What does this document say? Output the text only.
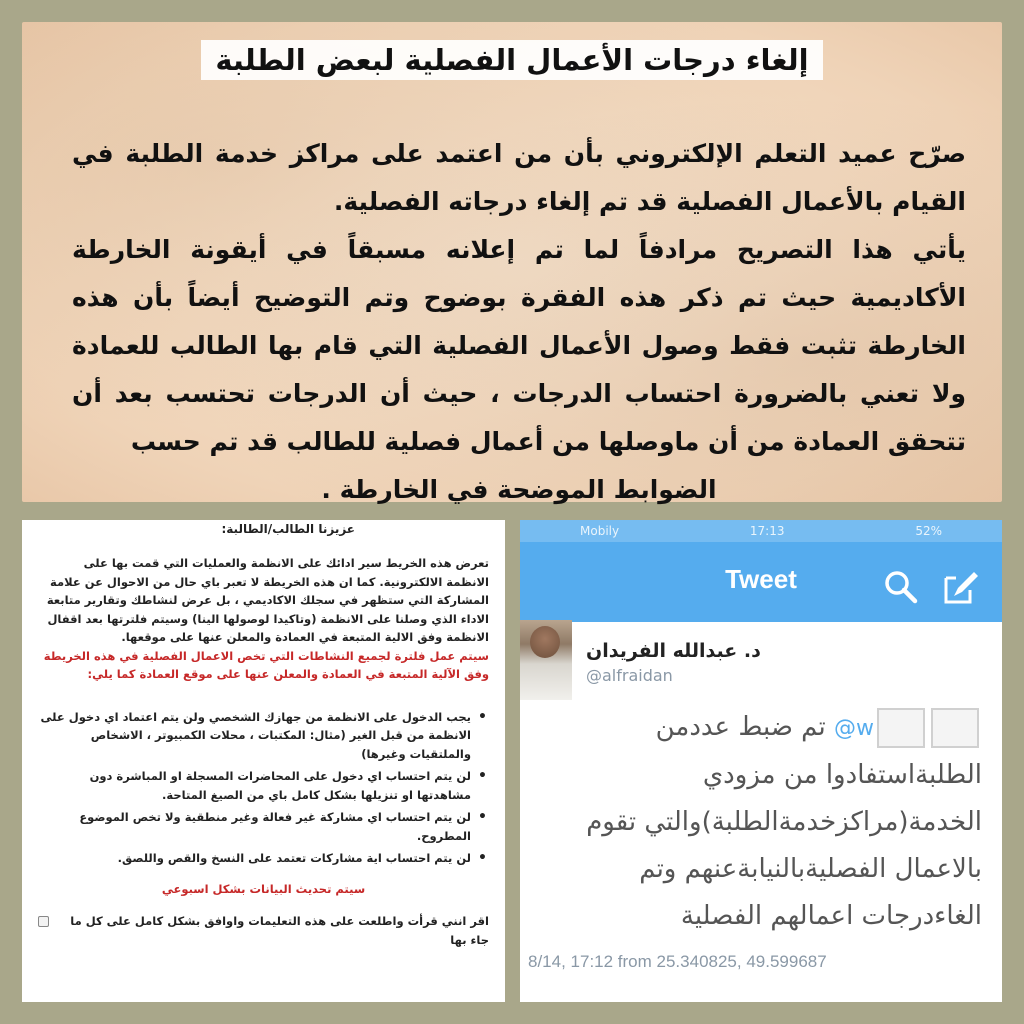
إلغاء درجات الأعمال الفصلية لبعض الطلبة

صرّح عميد التعلم الإلكتروني بأن من اعتمد على مراكز خدمة الطلبة في القيام بالأعمال الفصلية قد تم إلغاء درجاته الفصلية.

يأتي هذا التصريح مرادفاً لما تم إعلانه مسبقاً في أيقونة الخارطة الأكاديمية حيث تم ذكر هذه الفقرة بوضوح وتم التوضيح أيضاً بأن هذه الخارطة تثبت فقط وصول الأعمال الفصلية التي قام بها الطالب للعمادة ولا تعني بالضرورة احتساب الدرجات ، حيث أن الدرجات تحتسب بعد أن تتحقق العمادة من أن ماوصلها من أعمال فصلية للطالب قد تم حسب

الضوابط الموضحة في الخارطة .

عزيزنا الطالب/الطالبة:

تعرض هذه الخريط سير ادائك على الانظمة والعمليات التي قمت بها على الانظمة الالكترونية. كما ان هذه الخريطة لا تعبر باي حال من الاحوال عن علامة المشاركة التي ستظهر في سجلك الاكاديمي ، بل عرض لنشاطك وتقارير متابعة الاداء الذي وصلنا على الانظمة (وتاكيدا لوصولها الينا) وسيتم فلترتها بعد اقفال الانظمة وفق الالية المتبعة في العمادة والمعلن عنها على موقعها.

سيتم عمل فلترة لجميع النشاطات التي تخص الاعمال الفصلية في هذه الخريطة وفق الآلية المتبعة في العمادة والمعلن عنها على موقع العمادة كما يلي:

• يجب الدخول على الانظمة من جهازك الشخصي ولن يتم اعتماد اي دخول على الانظمة من قبل الغير (مثال: المكتبات ، محلات الكمبيوتر ، الاشخاص والملتقيات وغيرها)
• لن يتم احتساب اي دخول على المحاضرات المسجلة او المباشرة دون مشاهدتها او تنزيلها بشكل كامل باي من الصيغ المتاحة.
• لن يتم احتساب اي مشاركة غير فعالة وغير منطقية ولا تخص الموضوع المطروح.
• لن يتم احتساب اية مشاركات تعتمد على النسخ والقص واللصق.

سيتم تحديث البيانات بشكل اسبوعي

اقر انني قرأت واطلعت على هذه التعليمات واوافق بشكل كامل على كل ما جاء بها
Mobily	17:13	52%
Tweet
د. عبدالله الفريدان
@alfraidan
w@ تم ضبط عددمن الطلبةاستفادوا من مزودي الخدمة(مراكزخدمةالطلبة)والتي تقوم بالاعمال الفصليةبالنيابةعنهم وتم الغاءدرجات اعمالهم الفصلية
8/14, 17:12 from 25.340825, 49.599687
